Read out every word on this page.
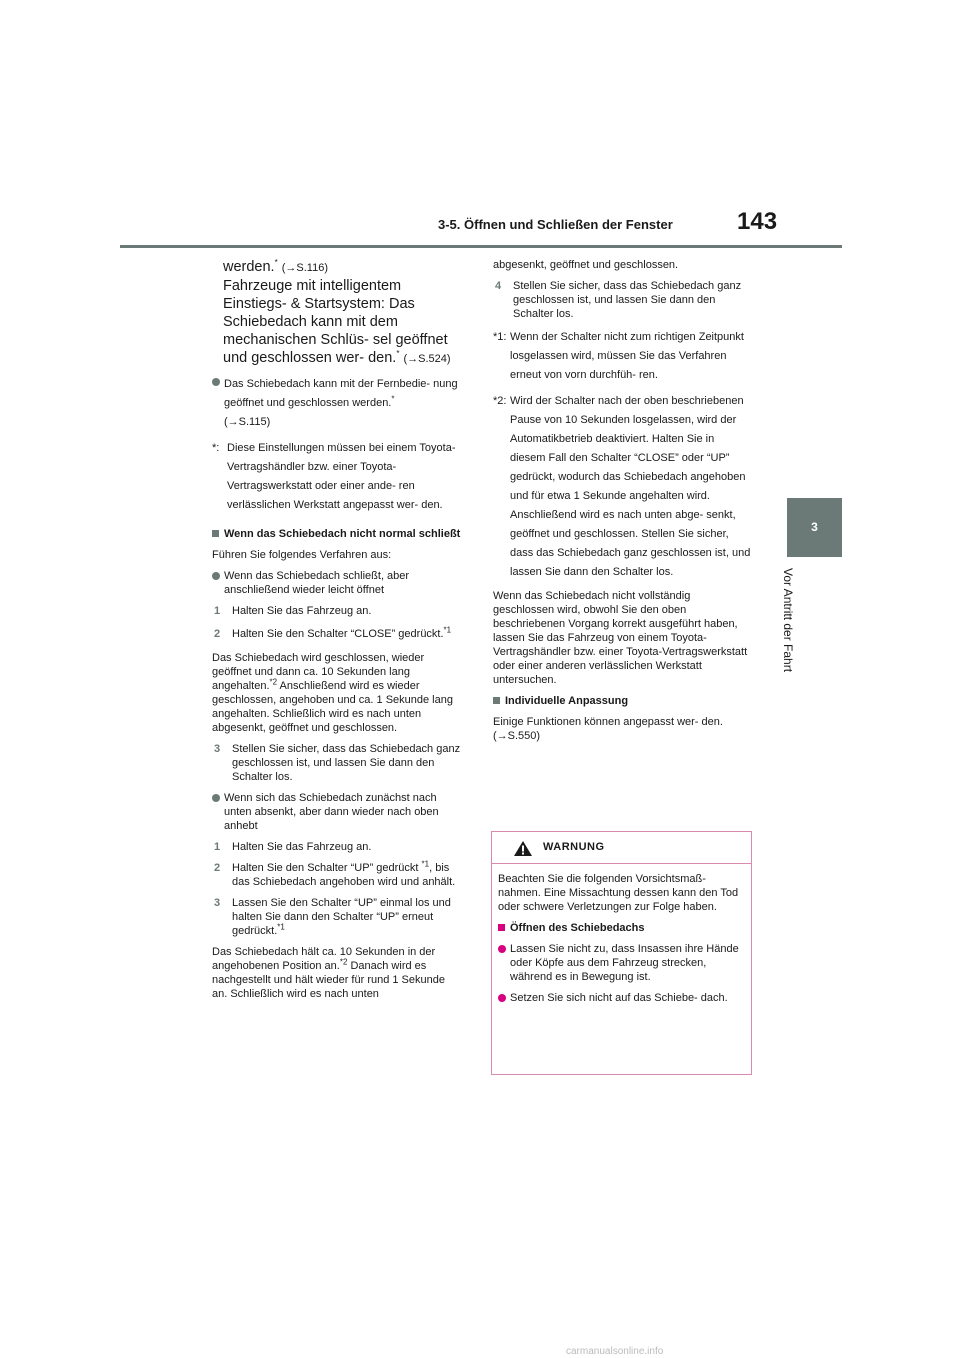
3-5. Öffnen und Schließen der Fenster	143
3
Vor Antritt der Fahrt

werden.* (→S.116)
Fahrzeuge mit intelligentem Einstiegs- & Startsystem: Das Schiebedach kann mit dem mechanischen Schlüs- sel geöffnet und geschlossen wer- den.* (→S.524)

Das Schiebedach kann mit der Fernbedie- nung geöffnet und geschlossen werden.*
(→S.115)

*: Diese Einstellungen müssen bei einem Toyota-Vertragshändler bzw. einer Toyota-Vertragswerkstatt oder einer ande- ren verlässlichen Werkstatt angepasst wer- den.

Wenn das Schiebedach nicht normal schließt

Führen Sie folgendes Verfahren aus:

Wenn das Schiebedach schließt, aber anschließend wieder leicht öffnet

1 Halten Sie das Fahrzeug an.

2 Halten Sie den Schalter “CLOSE” gedrückt.$^{*1}$

Das Schiebedach wird geschlossen, wieder geöffnet und dann ca. 10 Sekunden lang angehalten.$^{*2}$ Anschließend wird es wieder geschlossen, angehoben und ca. 1 Sekunde lang angehalten. Schließlich wird es nach unten abgesenkt, geöffnet und geschlossen.

3 Stellen Sie sicher, dass das Schiebedach ganz geschlossen ist, und lassen Sie dann den Schalter los.

Wenn sich das Schiebedach zunächst nach unten absenkt, aber dann wieder nach oben anhebt

1 Halten Sie das Fahrzeug an.

2 Halten Sie den Schalter “UP” gedrückt $^{*1}$, bis das Schiebedach angehoben wird und anhält.

3 Lassen Sie den Schalter “UP” einmal los und halten Sie dann den Schalter “UP” erneut gedrückt.$^{*1}$

Das Schiebedach hält ca. 10 Sekunden in der angehobenen Position an.$^{*2}$ Danach wird es nachgestellt und hält wieder für rund 1 Sekunde an. Schließlich wird es nach unten

abgesenkt, geöffnet und geschlossen.

4 Stellen Sie sicher, dass das Schiebedach ganz geschlossen ist, und lassen Sie dann den Schalter los.

*1: Wenn der Schalter nicht zum richtigen Zeitpunkt losgelassen wird, müssen Sie das Verfahren erneut von vorn durchfüh- ren.

*2: Wird der Schalter nach der oben beschriebenen Pause von 10 Sekunden losgelassen, wird der Automatikbetrieb deaktiviert. Halten Sie in diesem Fall den Schalter “CLOSE” oder “UP” gedrückt, wodurch das Schiebedach angehoben und für etwa 1 Sekunde angehalten wird. Anschließend wird es nach unten abge- senkt, geöffnet und geschlossen. Stellen Sie sicher, dass das Schiebedach ganz geschlossen ist, und lassen Sie dann den Schalter los.

Wenn das Schiebedach nicht vollständig geschlossen wird, obwohl Sie den oben beschriebenen Vorgang korrekt ausgeführt haben, lassen Sie das Fahrzeug von einem Toyota-Vertragshändler bzw. einer Toyota-Vertragswerkstatt oder einer anderen verlässlichen Werkstatt untersuchen.

Individuelle Anpassung

Einige Funktionen können angepasst wer- den. (→S.550)

WARNUNG

Beachten Sie die folgenden Vorsichtsmaß- nahmen. Eine Missachtung dessen kann den Tod oder schwere Verletzungen zur Folge haben.

Öffnen des Schiebedachs

Lassen Sie nicht zu, dass Insassen ihre Hände oder Köpfe aus dem Fahrzeug strecken, während es in Bewegung ist.

Setzen Sie sich nicht auf das Schiebe- dach.

carmanualsonline.info
